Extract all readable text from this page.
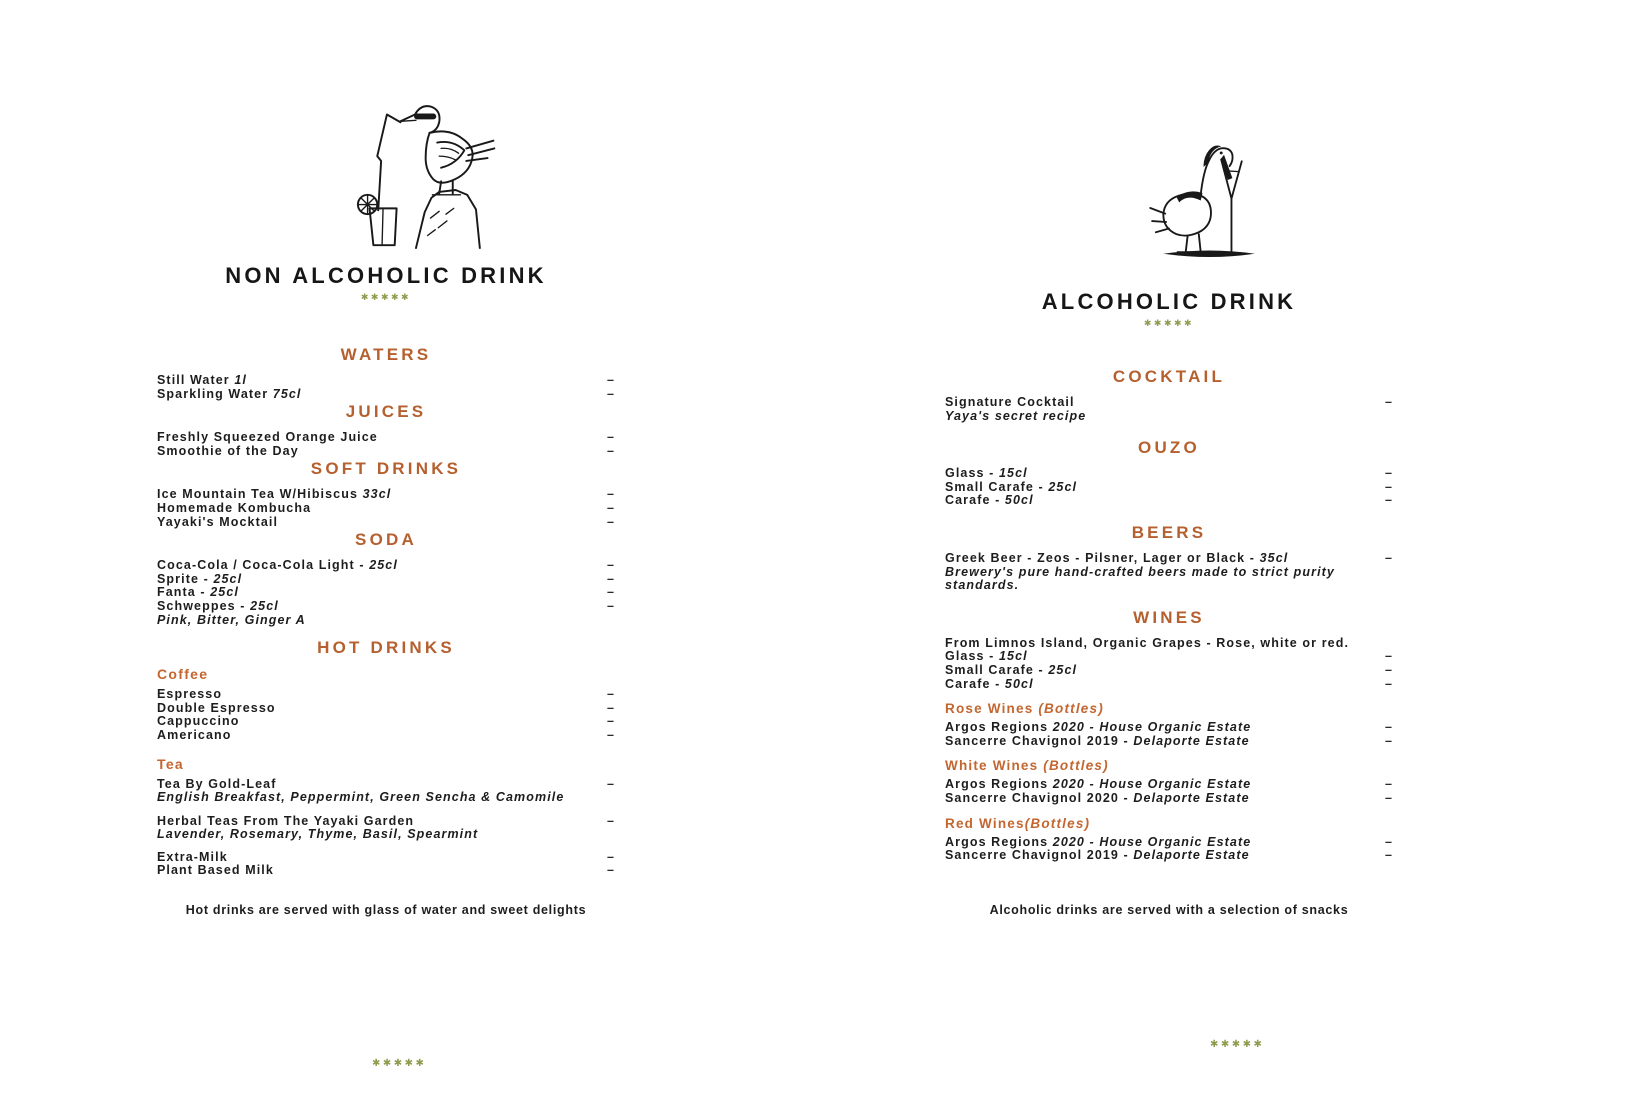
NON ALCOHOLIC DRINK
✱✱✱✱✱
WATERS
Still Water 1l	–
Sparkling Water 75cl	–
JUICES
Freshly Squeezed Orange Juice	–
Smoothie of the Day	–
SOFT DRINKS
Ice Mountain Tea W/Hibiscus 33cl	–
Homemade Kombucha	–
Yayaki's Mocktail	–
SODA
Coca-Cola / Coca-Cola Light - 25cl	–
Sprite - 25cl	–
Fanta - 25cl	–
Schweppes - 25cl	–
Pink, Bitter, Ginger A
HOT DRINKS
Coffee
Espresso	–
Double Espresso	–
Cappuccino	–
Americano	–
Tea
Tea By Gold-Leaf	–
English Breakfast, Peppermint, Green Sencha & Camomile
Herbal Teas From The Yayaki Garden	–
Lavender, Rosemary, Thyme, Basil, Spearmint
Extra-Milk	–
Plant Based Milk	–
Hot drinks are served with glass of water and sweet delights
ALCOHOLIC DRINK
✱✱✱✱✱
COCKTAIL
Signature Cocktail	–
Yaya's secret recipe
OUZO
Glass - 15cl	–
Small Carafe - 25cl	–
Carafe - 50cl	–
BEERS
Greek Beer - Zeos - Pilsner, Lager or Black - 35cl	–
Brewery's pure hand-crafted beers made to strict purity
standards.
WINES
From Limnos Island, Organic Grapes - Rose, white or red.
Glass - 15cl	–
Small Carafe - 25cl	–
Carafe - 50cl	–
Rose Wines (Bottles)
Argos Regions 2020 - House Organic Estate	–
Sancerre Chavignol 2019 - Delaporte Estate	–
White Wines (Bottles)
Argos Regions 2020 - House Organic Estate	–
Sancerre Chavignol 2020 - Delaporte Estate	–
Red Wines(Bottles)
Argos Regions 2020 - House Organic Estate	–
Sancerre Chavignol 2019 - Delaporte Estate	–
Alcoholic drinks are served with a selection of snacks
✱✱✱✱✱
✱✱✱✱✱
